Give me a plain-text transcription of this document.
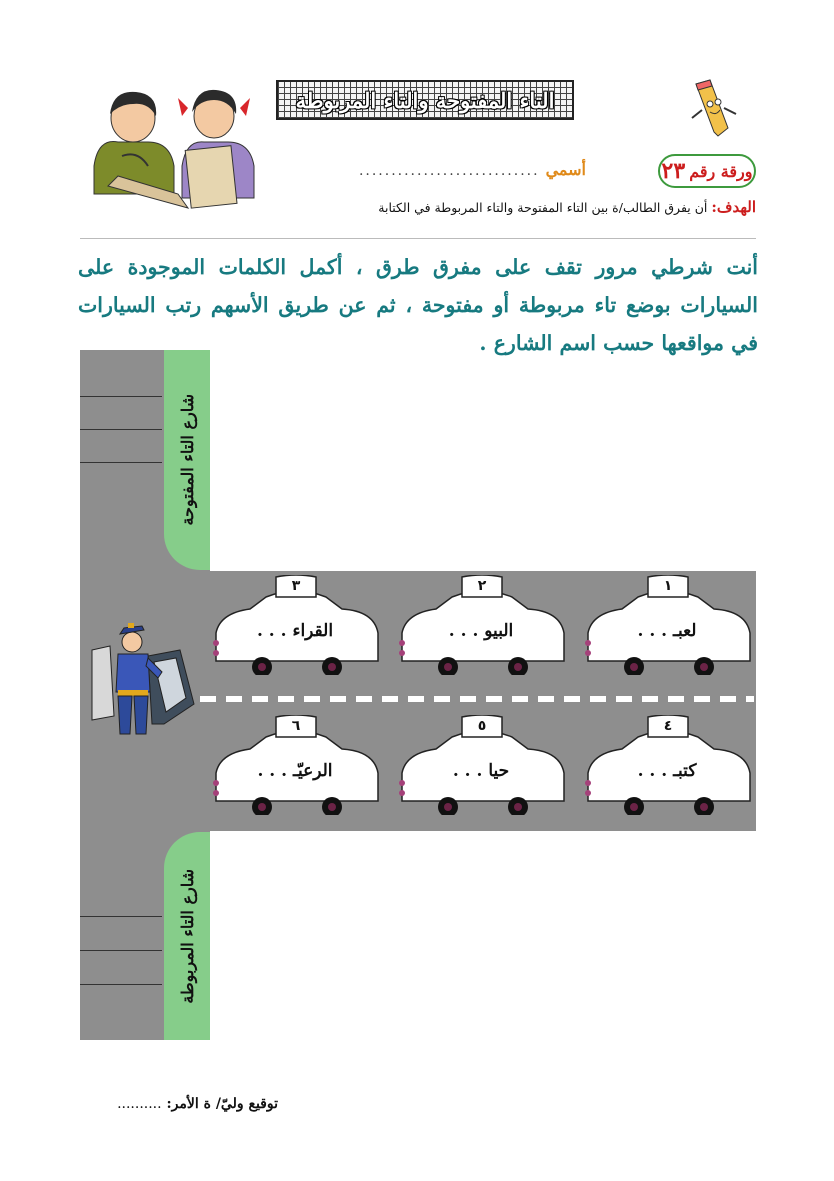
التاء المفتوحة والتاء المربوطة
ورقة رقم
٢٣
أسمي
............................
الهدف:
أن يفرق الطالب/ة بين التاء المفتوحة والتاء المربوطة في الكتابة
أنت شرطي مرور تقف على مفرق طرق ، أكمل الكلمات الموجودة على السيارات بوضع تاء مربوطة أو مفتوحة ، ثم عن طريق الأسهم رتب السيارات في مواقعها حسب اسم الشارع .
شارع التاء المفتوحة
شارع التاء المربوطة
١
لعبـ . . .
٢
البيو . . .
٣
القراء . . .
٤
كتبـ . . .
٥
حيا . . .
٦
الرعيّـ . . .
توقيع وليّ/ ة الأمر: ..........
